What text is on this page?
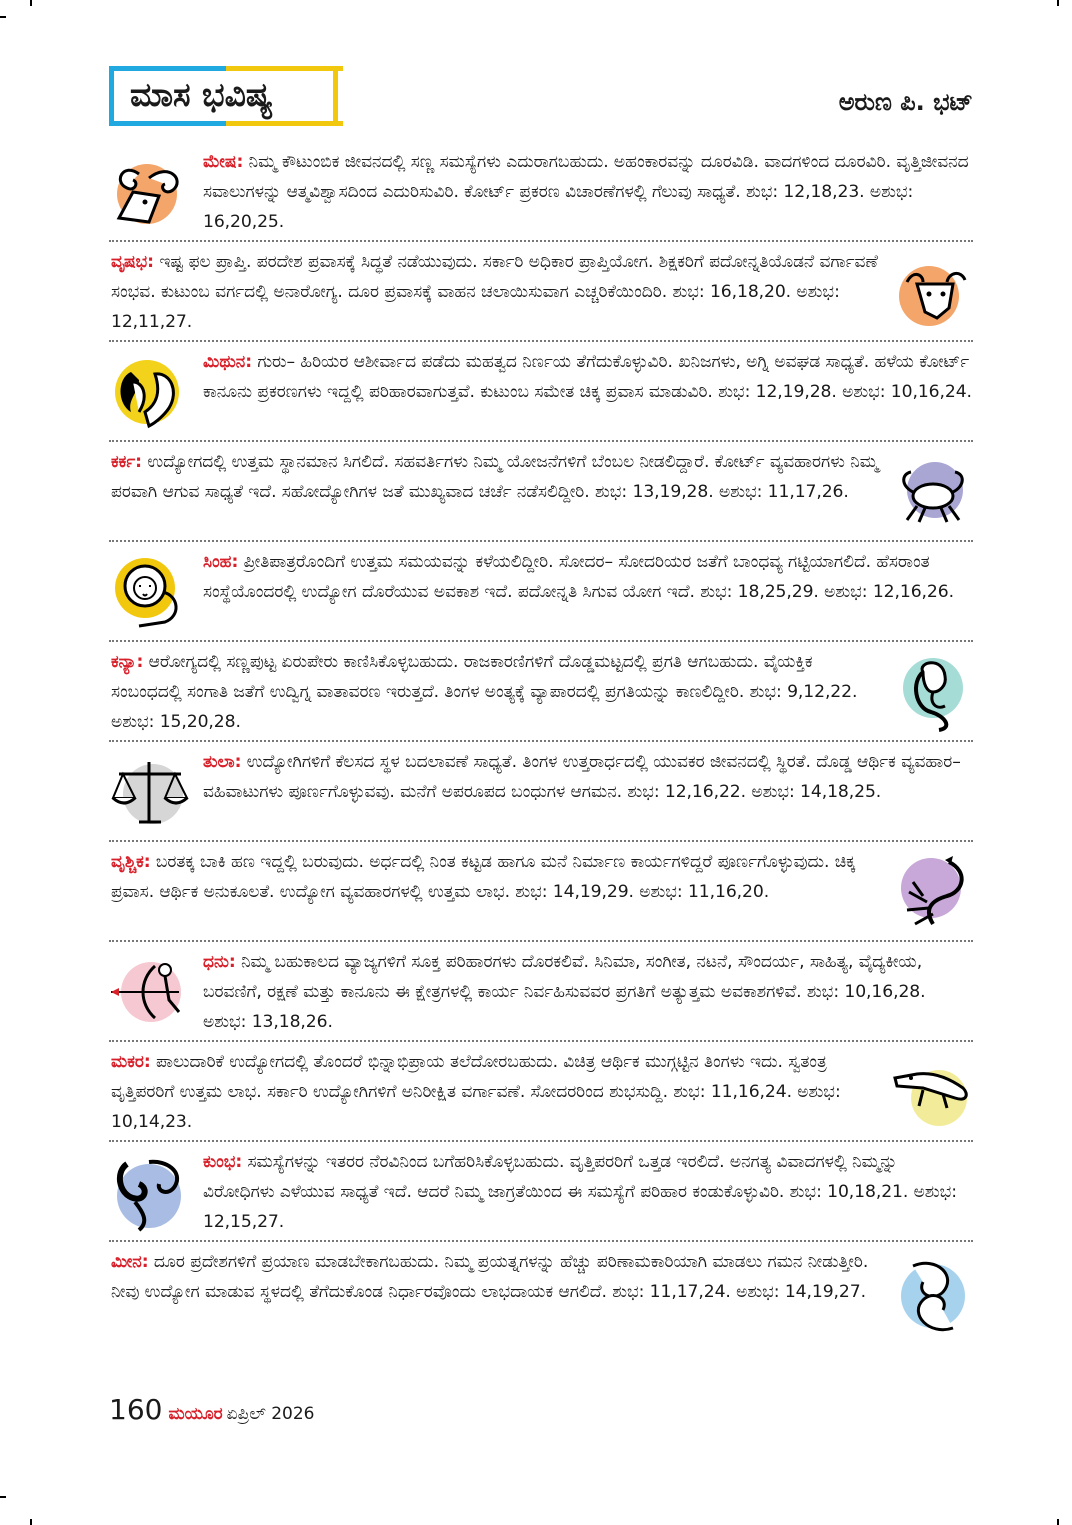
ಮಾಸ ಭವಿಷ್ಯ	ಅರುಣ ಪಿ. ಭಟ್
ಮೇಷ: ನಿಮ್ಮ ಕೌಟುಂಬಿಕ ಜೀವನದಲ್ಲಿ ಸಣ್ಣ ಸಮಸ್ಯೆಗಳು ಎದುರಾಗಬಹುದು. ಅಹಂಕಾರವನ್ನು ದೂರವಿಡಿ. ವಾದಗಳಿಂದ ದೂರವಿರಿ. ವೃತ್ತಿಜೀವನದ ಸವಾಲುಗಳನ್ನು ಆತ್ಮವಿಶ್ವಾಸದಿಂದ ಎದುರಿಸುವಿರಿ. ಕೋರ್ಟ್ ಪ್ರಕರಣ ವಿಚಾರಣೆಗಳಲ್ಲಿ ಗೆಲುವು ಸಾಧ್ಯತೆ. ಶುಭ: 12,18,23. ಅಶುಭ: 16,20,25.
ವೃಷಭ: ಇಷ್ಟ ಫಲ ಪ್ರಾಪ್ತಿ. ಪರದೇಶ ಪ್ರವಾಸಕ್ಕೆ ಸಿದ್ಧತೆ ನಡೆಯುವುದು. ಸರ್ಕಾರಿ ಅಧಿಕಾರ ಪ್ರಾಪ್ತಿಯೋಗ. ಶಿಕ್ಷಕರಿಗೆ ಪದೋನ್ನತಿಯೊಡನೆ ವರ್ಗಾವಣೆ ಸಂಭವ. ಕುಟುಂಬ ವರ್ಗದಲ್ಲಿ ಅನಾರೋಗ್ಯ. ದೂರ ಪ್ರವಾಸಕ್ಕೆ ವಾಹನ ಚಲಾಯಿಸುವಾಗ ಎಚ್ಚರಿಕೆಯಿಂದಿರಿ. ಶುಭ: 16,18,20. ಅಶುಭ: 12,11,27.
ಮಿಥುನ: ಗುರು– ಹಿರಿಯರ ಆಶೀರ್ವಾದ ಪಡೆದು ಮಹತ್ವದ ನಿರ್ಣಯ ತೆಗೆದುಕೊಳ್ಳುವಿರಿ. ಖನಿಜಗಳು, ಅಗ್ನಿ ಅವಘಡ ಸಾಧ್ಯತೆ. ಹಳೆಯ ಕೋರ್ಟ್ ಕಾನೂನು ಪ್ರಕರಣಗಳು ಇದ್ದಲ್ಲಿ ಪರಿಹಾರವಾಗುತ್ತವೆ. ಕುಟುಂಬ ಸಮೇತ ಚಿಕ್ಕ ಪ್ರವಾಸ ಮಾಡುವಿರಿ. ಶುಭ: 12,19,28. ಅಶುಭ: 10,16,24.
ಕರ್ಕ: ಉದ್ಯೋಗದಲ್ಲಿ ಉತ್ತಮ ಸ್ಥಾನಮಾನ ಸಿಗಲಿದೆ. ಸಹವರ್ತಿಗಳು ನಿಮ್ಮ ಯೋಜನೆಗಳಿಗೆ ಬೆಂಬಲ ನೀಡಲಿದ್ದಾರೆ. ಕೋರ್ಟ್ ವ್ಯವಹಾರಗಳು ನಿಮ್ಮ ಪರವಾಗಿ ಆಗುವ ಸಾಧ್ಯತೆ ಇದೆ. ಸಹೋದ್ಯೋಗಿಗಳ ಜತೆ ಮುಖ್ಯವಾದ ಚರ್ಚೆ ನಡೆಸಲಿದ್ದೀರಿ. ಶುಭ: 13,19,28. ಅಶುಭ: 11,17,26.
ಸಿಂಹ: ಪ್ರೀತಿಪಾತ್ರರೊಂದಿಗೆ ಉತ್ತಮ ಸಮಯವನ್ನು ಕಳೆಯಲಿದ್ದೀರಿ. ಸೋದರ– ಸೋದರಿಯರ ಜತೆಗೆ ಬಾಂಧವ್ಯ ಗಟ್ಟಿಯಾಗಲಿದೆ. ಹೆಸರಾಂತ ಸಂಸ್ಥೆಯೊಂದರಲ್ಲಿ ಉದ್ಯೋಗ ದೊರೆಯುವ ಅವಕಾಶ ಇದೆ. ಪದೋನ್ನತಿ ಸಿಗುವ ಯೋಗ ಇದೆ. ಶುಭ: 18,25,29. ಅಶುಭ: 12,16,26.
ಕನ್ಯಾ: ಆರೋಗ್ಯದಲ್ಲಿ ಸಣ್ಣಪುಟ್ಟ ಏರುಪೇರು ಕಾಣಿಸಿಕೊಳ್ಳಬಹುದು. ರಾಜಕಾರಣಿಗಳಿಗೆ ದೊಡ್ಡಮಟ್ಟದಲ್ಲಿ ಪ್ರಗತಿ ಆಗಬಹುದು. ವೈಯಕ್ತಿಕ ಸಂಬಂಧದಲ್ಲಿ ಸಂಗಾತಿ ಜತೆಗೆ ಉದ್ವಿಗ್ನ ವಾತಾವರಣ ಇರುತ್ತದೆ. ತಿಂಗಳ ಅಂತ್ಯಕ್ಕೆ ವ್ಯಾಪಾರದಲ್ಲಿ ಪ್ರಗತಿಯನ್ನು ಕಾಣಲಿದ್ದೀರಿ. ಶುಭ: 9,12,22. ಅಶುಭ: 15,20,28.
ತುಲಾ: ಉದ್ಯೋಗಿಗಳಿಗೆ ಕೆಲಸದ ಸ್ಥಳ ಬದಲಾವಣೆ ಸಾಧ್ಯತೆ. ತಿಂಗಳ ಉತ್ತರಾರ್ಧದಲ್ಲಿ ಯುವಕರ ಜೀವನದಲ್ಲಿ ಸ್ಥಿರತೆ. ದೊಡ್ಡ ಆರ್ಥಿಕ ವ್ಯವಹಾರ– ವಹಿವಾಟುಗಳು ಪೂರ್ಣಗೊಳ್ಳುವವು. ಮನೆಗೆ ಅಪರೂಪದ ಬಂಧುಗಳ ಆಗಮನ. ಶುಭ: 12,16,22. ಅಶುಭ: 14,18,25.
ವೃಶ್ಚಿಕ: ಬರತಕ್ಕ ಬಾಕಿ ಹಣ ಇದ್ದಲ್ಲಿ ಬರುವುದು. ಅರ್ಧದಲ್ಲಿ ನಿಂತ ಕಟ್ಟಡ ಹಾಗೂ ಮನೆ ನಿರ್ಮಾಣ ಕಾರ್ಯಗಳಿದ್ದರೆ ಪೂರ್ಣಗೊಳ್ಳುವುದು. ಚಿಕ್ಕ ಪ್ರವಾಸ. ಆರ್ಥಿಕ ಅನುಕೂಲತೆ. ಉದ್ಯೋಗ ವ್ಯವಹಾರಗಳಲ್ಲಿ ಉತ್ತಮ ಲಾಭ. ಶುಭ: 14,19,29. ಅಶುಭ: 11,16,20.
ಧನು: ನಿಮ್ಮ ಬಹುಕಾಲದ ವ್ಯಾಜ್ಯಗಳಿಗೆ ಸೂಕ್ತ ಪರಿಹಾರಗಳು ದೊರಕಲಿವೆ. ಸಿನಿಮಾ, ಸಂಗೀತ, ನಟನೆ, ಸೌಂದರ್ಯ, ಸಾಹಿತ್ಯ, ವೈದ್ಯಕೀಯ, ಬರವಣಿಗೆ, ರಕ್ಷಣೆ ಮತ್ತು ಕಾನೂನು ಈ ಕ್ಷೇತ್ರಗಳಲ್ಲಿ ಕಾರ್ಯ ನಿರ್ವಹಿಸುವವರ ಪ್ರಗತಿಗೆ ಅತ್ಯುತ್ತಮ ಅವಕಾಶಗಳಿವೆ. ಶುಭ: 10,16,28. ಅಶುಭ: 13,18,26.
ಮಕರ: ಪಾಲುದಾರಿಕೆ ಉದ್ಯೋಗದಲ್ಲಿ ತೊಂದರೆ ಭಿನ್ನಾಭಿಪ್ರಾಯ ತಲೆದೋರಬಹುದು. ವಿಚಿತ್ರ ಆರ್ಥಿಕ ಮುಗ್ಗಟ್ಟಿನ ತಿಂಗಳು ಇದು. ಸ್ವತಂತ್ರ ವೃತ್ತಿಪರರಿಗೆ ಉತ್ತಮ ಲಾಭ. ಸರ್ಕಾರಿ ಉದ್ಯೋಗಿಗಳಿಗೆ ಅನಿರೀಕ್ಷಿತ ವರ್ಗಾವಣೆ. ಸೋದರರಿಂದ ಶುಭಸುದ್ದಿ. ಶುಭ: 11,16,24. ಅಶುಭ: 10,14,23.
ಕುಂಭ: ಸಮಸ್ಯೆಗಳನ್ನು ಇತರರ ನೆರವಿನಿಂದ ಬಗೆಹರಿಸಿಕೊಳ್ಳಬಹುದು. ವೃತ್ತಿಪರರಿಗೆ ಒತ್ತಡ ಇರಲಿದೆ. ಅನಗತ್ಯ ವಿವಾದಗಳಲ್ಲಿ ನಿಮ್ಮನ್ನು ವಿರೋಧಿಗಳು ಎಳೆಯುವ ಸಾಧ್ಯತೆ ಇದೆ. ಆದರೆ ನಿಮ್ಮ ಜಾಗ್ರತೆಯಿಂದ ಈ ಸಮಸ್ಯೆಗೆ ಪರಿಹಾರ ಕಂಡುಕೊಳ್ಳುವಿರಿ. ಶುಭ: 10,18,21. ಅಶುಭ: 12,15,27.
ಮೀನ: ದೂರ ಪ್ರದೇಶಗಳಿಗೆ ಪ್ರಯಾಣ ಮಾಡಬೇಕಾಗಬಹುದು. ನಿಮ್ಮ ಪ್ರಯತ್ನಗಳನ್ನು ಹೆಚ್ಚು ಪರಿಣಾಮಕಾರಿಯಾಗಿ ಮಾಡಲು ಗಮನ ನೀಡುತ್ತೀರಿ. ನೀವು ಉದ್ಯೋಗ ಮಾಡುವ ಸ್ಥಳದಲ್ಲಿ ತೆಗೆದುಕೊಂಡ ನಿರ್ಧಾರವೊಂದು ಲಾಭದಾಯಕ ಆಗಲಿದೆ. ಶುಭ: 11,17,24. ಅಶುಭ: 14,19,27.
160 ಮಯೂರ ಏಪ್ರಿಲ್ 2026
